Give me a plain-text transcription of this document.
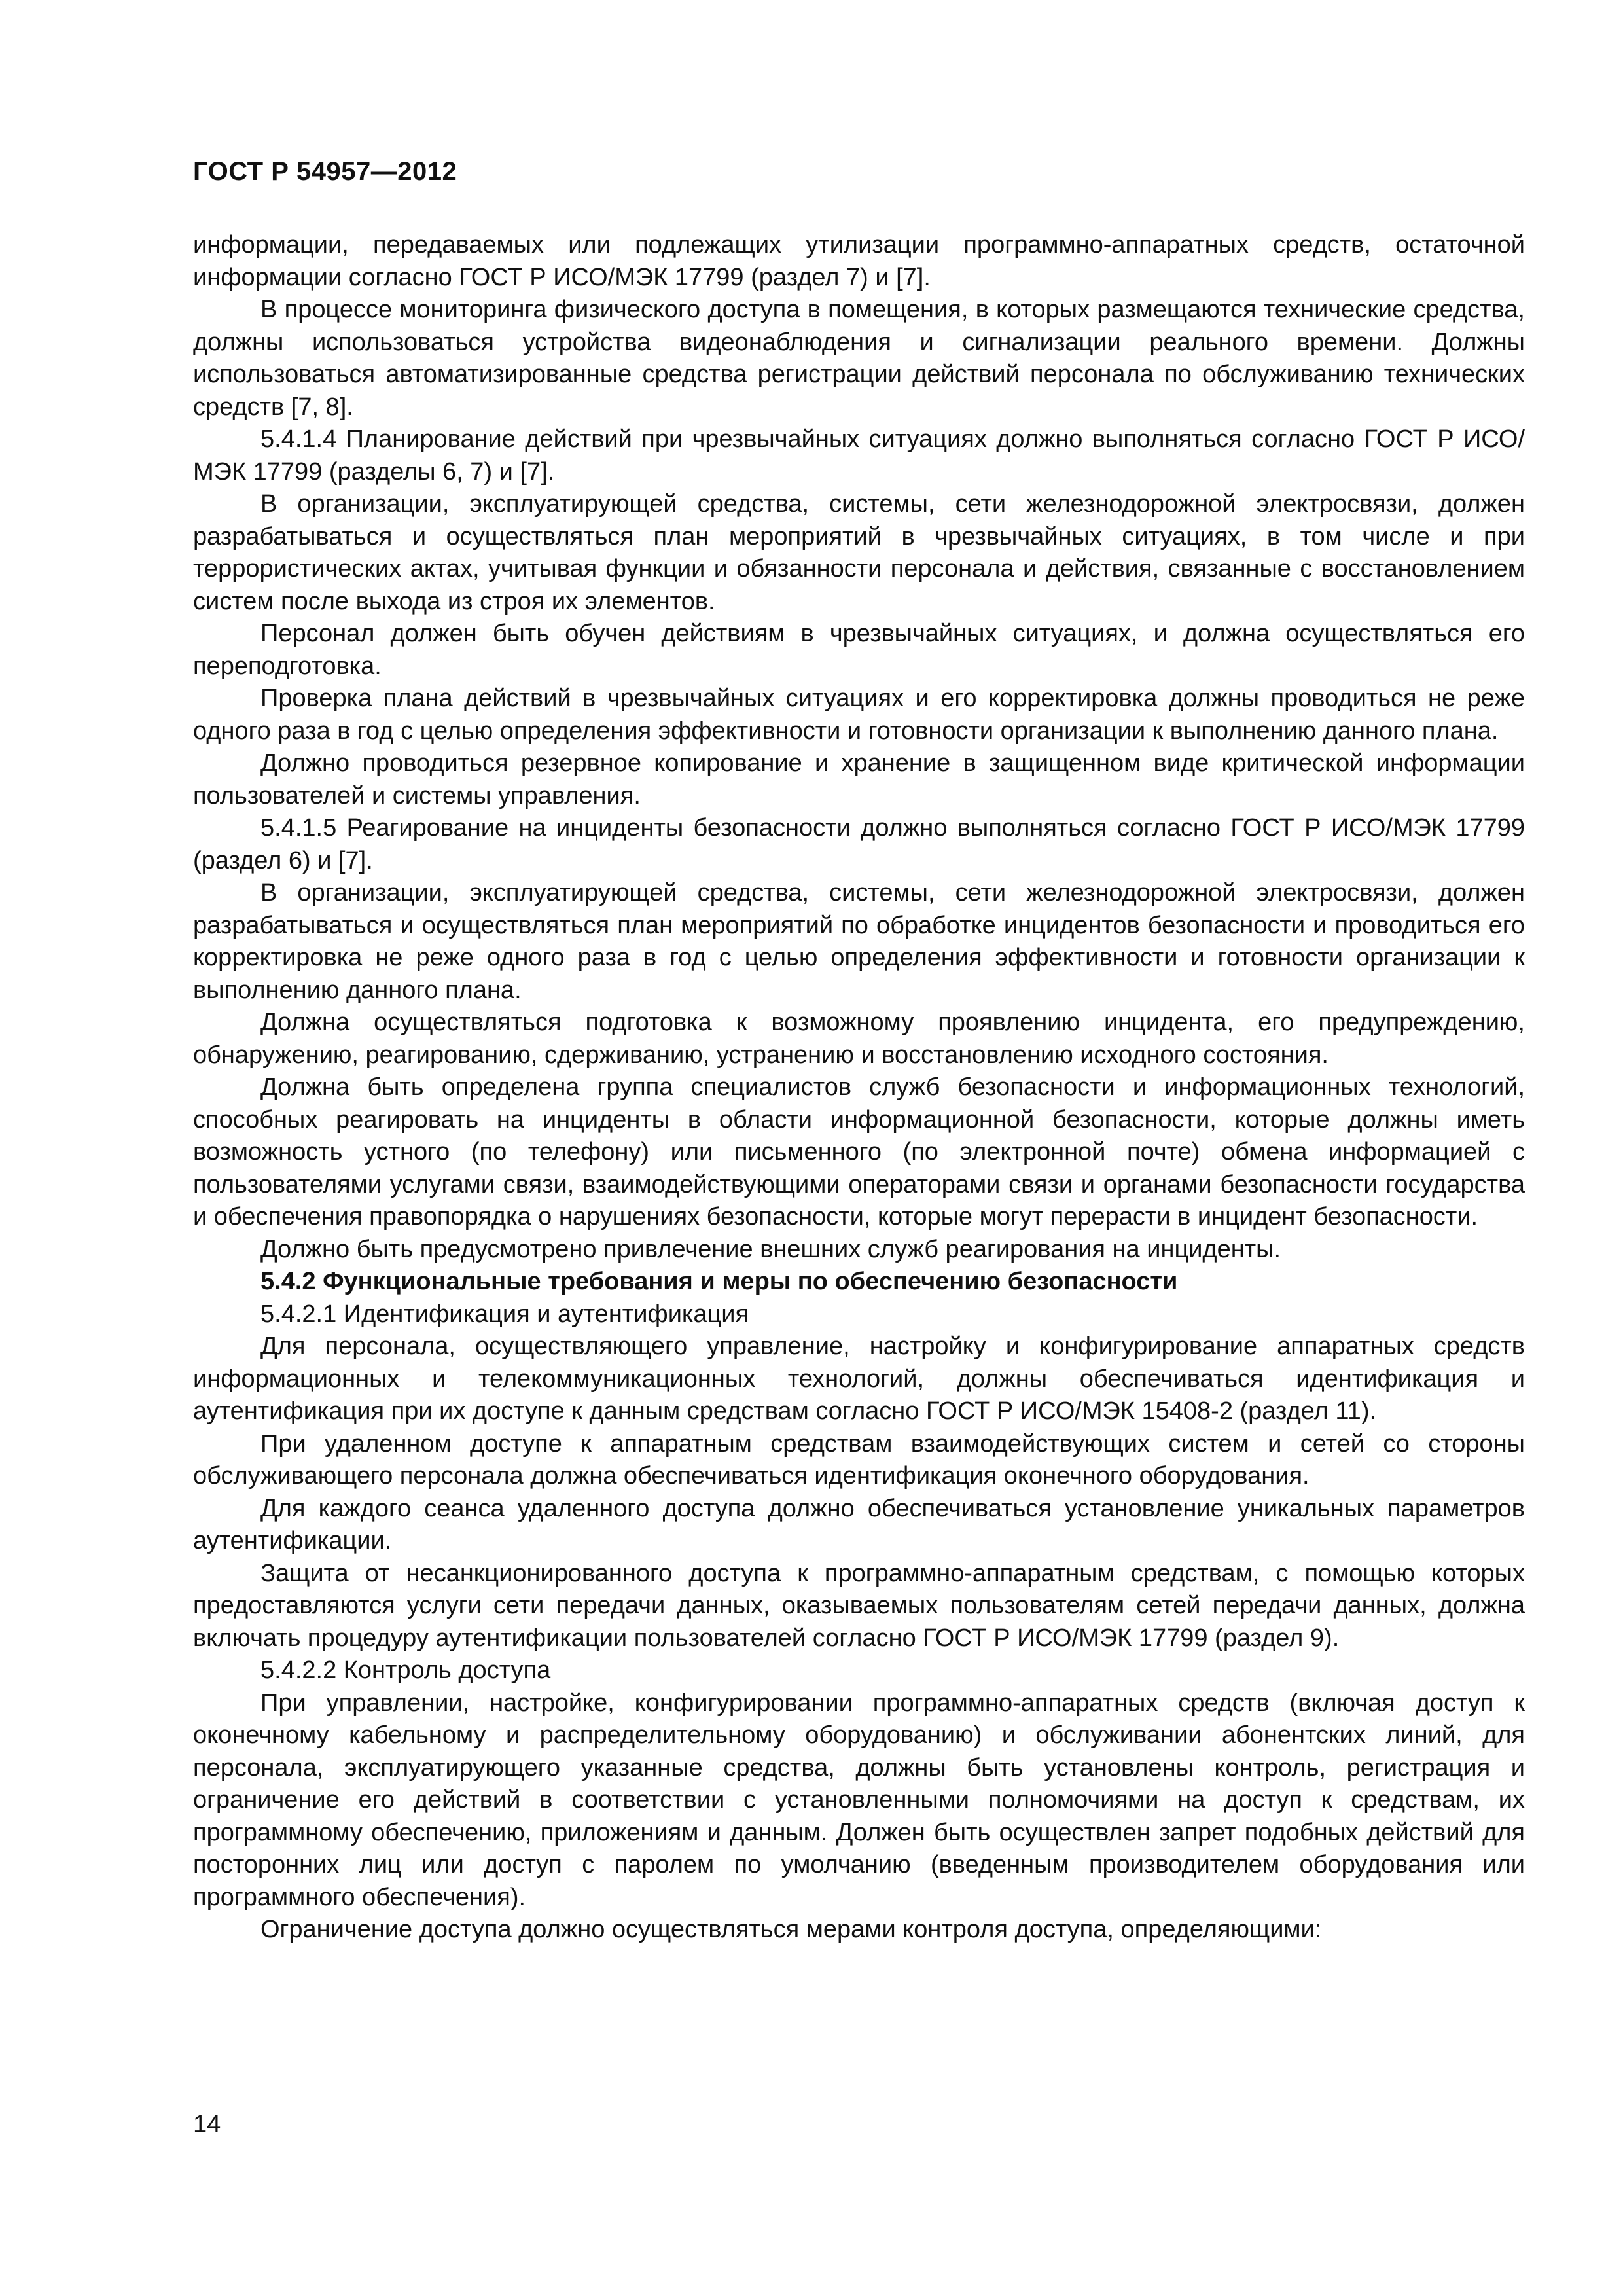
ГОСТ Р 54957—2012

информации, передаваемых или подлежащих утилизации программно-аппаратных средств, остаточной информации согласно ГОСТ Р ИСО/МЭК 17799 (раздел 7) и [7].

В процессе мониторинга физического доступа в помещения, в которых размещаются технические средства, должны использоваться устройства видеонаблюдения и сигнализации реального времени. Должны использоваться автоматизированные средства регистрации действий персонала по обслуживанию технических средств [7, 8].

5.4.1.4 Планирование действий при чрезвычайных ситуациях должно выполняться согласно ГОСТ Р ИСО/МЭК 17799 (разделы 6, 7) и [7].

В организации, эксплуатирующей средства, системы, сети железнодорожной электросвязи, должен разрабатываться и осуществляться план мероприятий в чрезвычайных ситуациях, в том числе и при террористических актах, учитывая функции и обязанности персонала и действия, связанные с восстановлением систем после выхода из строя их элементов.

Персонал должен быть обучен действиям в чрезвычайных ситуациях, и должна осуществляться его переподготовка.

Проверка плана действий в чрезвычайных ситуациях и его корректировка должны проводиться не реже одного раза в год с целью определения эффективности и готовности организации к выполнению данного плана.

Должно проводиться резервное копирование и хранение в защищенном виде критической информации пользователей и системы управления.

5.4.1.5 Реагирование на инциденты безопасности должно выполняться согласно ГОСТ Р ИСО/МЭК 17799 (раздел 6) и [7].

В организации, эксплуатирующей средства, системы, сети железнодорожной электросвязи, должен разрабатываться и осуществляться план мероприятий по обработке инцидентов безопасности и проводиться его корректировка не реже одного раза в год с целью определения эффективности и готовности организации к выполнению данного плана.

Должна осуществляться подготовка к возможному проявлению инцидента, его предупреждению, обнаружению, реагированию, сдерживанию, устранению и восстановлению исходного состояния.

Должна быть определена группа специалистов служб безопасности и информационных технологий, способных реагировать на инциденты в области информационной безопасности, которые должны иметь возможность устного (по телефону) или письменного (по электронной почте) обмена информацией с пользователями услугами связи, взаимодействующими операторами связи и органами безопасности государства и обеспечения правопорядка о нарушениях безопасности, которые могут перерасти в инцидент безопасности.

Должно быть предусмотрено привлечение внешних служб реагирования на инциденты.

5.4.2 Функциональные требования и меры по обеспечению безопасности

5.4.2.1 Идентификация и аутентификация

Для персонала, осуществляющего управление, настройку и конфигурирование аппаратных средств информационных и телекоммуникационных технологий, должны обеспечиваться идентификация и аутентификация при их доступе к данным средствам согласно ГОСТ Р ИСО/МЭК 15408-2 (раздел 11).

При удаленном доступе к аппаратным средствам взаимодействующих систем и сетей со стороны обслуживающего персонала должна обеспечиваться идентификация оконечного оборудования.

Для каждого сеанса удаленного доступа должно обеспечиваться установление уникальных параметров аутентификации.

Защита от несанкционированного доступа к программно-аппаратным средствам, с помощью которых предоставляются услуги сети передачи данных, оказываемых пользователям сетей передачи данных, должна включать процедуру аутентификации пользователей согласно ГОСТ Р ИСО/МЭК 17799 (раздел 9).

5.4.2.2 Контроль доступа

При управлении, настройке, конфигурировании программно-аппаратных средств (включая доступ к оконечному кабельному и распределительному оборудованию) и обслуживании абонентских линий, для персонала, эксплуатирующего указанные средства, должны быть установлены контроль, регистрация и ограничение его действий в соответствии с установленными полномочиями на доступ к средствам, их программному обеспечению, приложениям и данным. Должен быть осуществлен запрет подобных действий для посторонних лиц или доступ с паролем по умолчанию (введенным производителем оборудования или программного обеспечения).

Ограничение доступа должно осуществляться мерами контроля доступа, определяющими:

14
